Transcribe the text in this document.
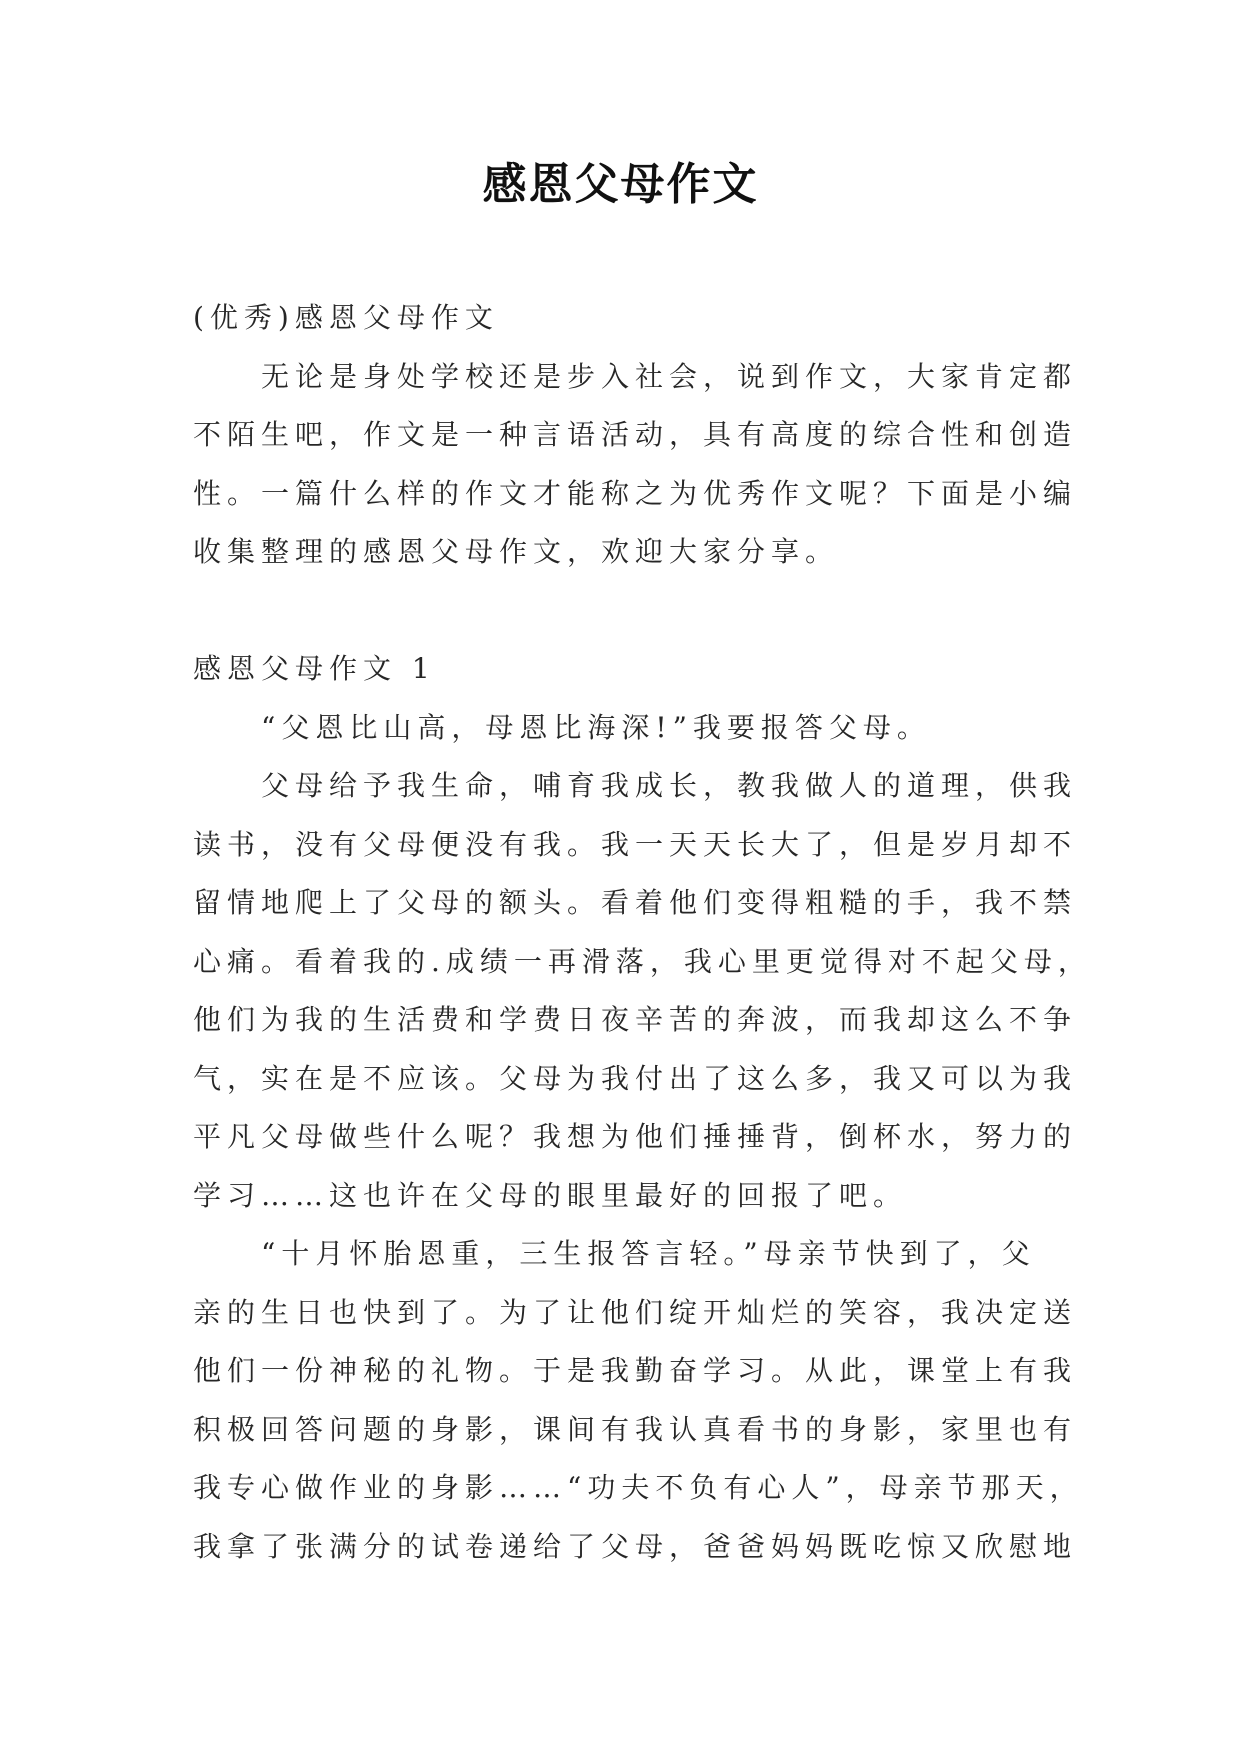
感恩父母作文
(优秀)感恩父母作文
无论是身处学校还是步入社会，说到作文，大家肯定都
不陌生吧，作文是一种言语活动，具有高度的综合性和创造
性。一篇什么样的作文才能称之为优秀作文呢？下面是小编
收集整理的感恩父母作文，欢迎大家分享。
感恩父母作文 1
“父恩比山高，母恩比海深!”我要报答父母。
父母给予我生命，哺育我成长，教我做人的道理，供我
读书，没有父母便没有我。我一天天长大了，但是岁月却不
留情地爬上了父母的额头。看着他们变得粗糙的手，我不禁
心痛。看着我的.成绩一再滑落，我心里更觉得对不起父母，
他们为我的生活费和学费日夜辛苦的奔波，而我却这么不争
气，实在是不应该。父母为我付出了这么多，我又可以为我
平凡父母做些什么呢？我想为他们捶捶背，倒杯水，努力的
学习……这也许在父母的眼里最好的回报了吧。
“十月怀胎恩重，三生报答言轻。”母亲节快到了，父
亲的生日也快到了。为了让他们绽开灿烂的笑容，我决定送
他们一份神秘的礼物。于是我勤奋学习。从此，课堂上有我
积极回答问题的身影，课间有我认真看书的身影，家里也有
我专心做作业的身影……“功夫不负有心人”，母亲节那天，
我拿了张满分的试卷递给了父母，爸爸妈妈既吃惊又欣慰地
